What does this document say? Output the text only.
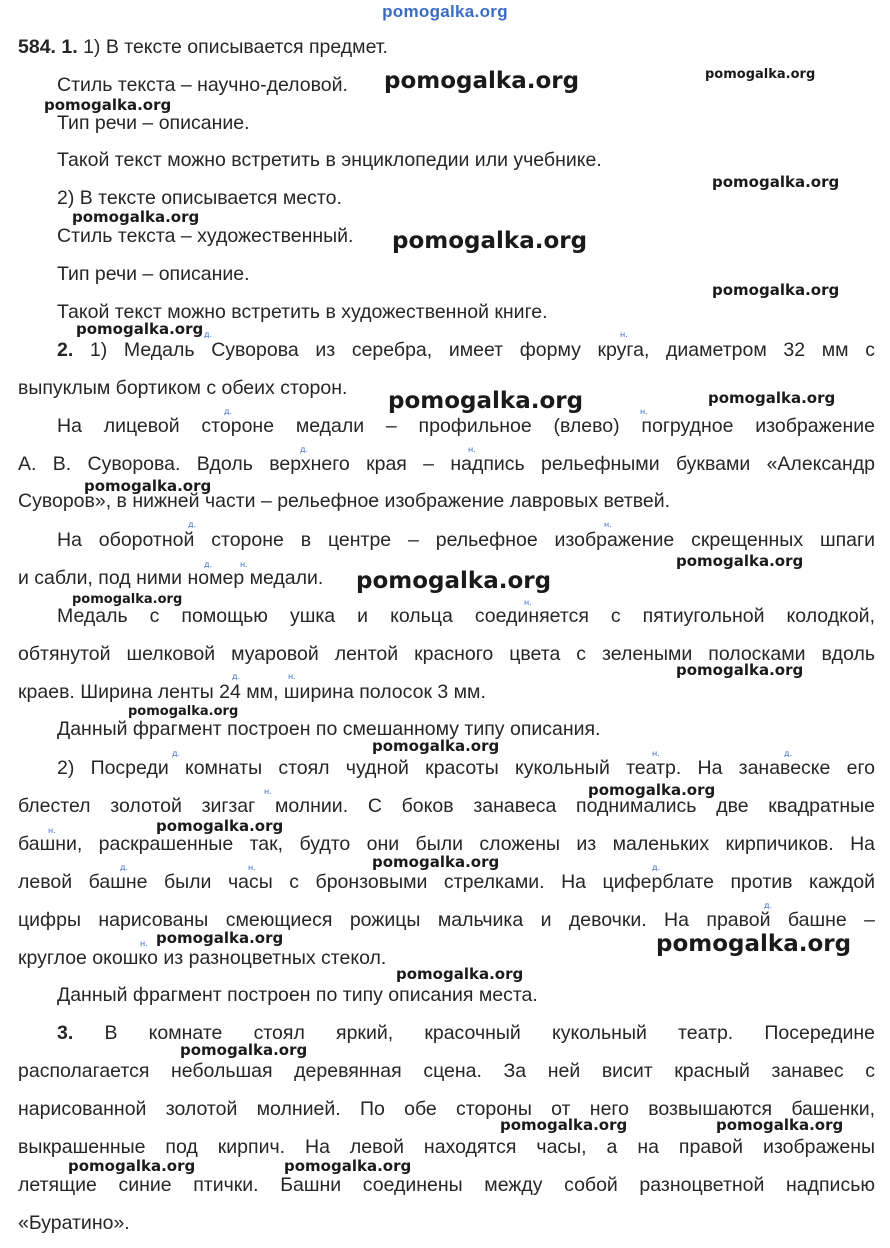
pomogalka.org
584. 1. 1) В тексте описывается предмет.
Стиль текста – научно-деловой.
Тип речи – описание.
Такой текст можно встретить в энциклопедии или учебнике.
2) В тексте описывается место.
Стиль текста – художественный.
Тип речи – описание.
Такой текст можно встретить в художественной книге.
2. 1) Медаль Суворова из серебра, имеет форму круга, диаметром 32 мм с
выпуклым бортиком с обеих сторон.
На лицевой стороне медали – профильное (влево) погрудное изображение
А. В. Суворова. Вдоль верхнего края – надпись рельефными буквами «Александр
Суворов», в нижней части – рельефное изображение лавровых ветвей.
На оборотной стороне в центре – рельефное изображение скрещенных шпаги
и сабли, под ними номер медали.
Медаль с помощью ушка и кольца соединяется с пятиугольной колодкой,
обтянутой шелковой муаровой лентой красного цвета с зелеными полосками вдоль
краев. Ширина ленты 24 мм, ширина полосок 3 мм.
Данный фрагмент построен по смешанному типу описания.
2) Посреди комнаты стоял чудной красоты кукольный театр. На занавеске его
блестел золотой зигзаг молнии. С боков занавеса поднимались две квадратные
башни, раскрашенные так, будто они были сложены из маленьких кирпичиков. На
левой башне были часы с бронзовыми стрелками. На циферблате против каждой
цифры нарисованы смеющиеся рожицы мальчика и девочки. На правой башне –
круглое окошко из разноцветных стекол.
Данный фрагмент построен по типу описания места.
3. В комнате стоял яркий, красочный кукольный театр. Посередине
располагается небольшая деревянная сцена. За ней висит красный занавес с
нарисованной золотой молнией. По обе стороны от него возвышаются башенки,
выкрашенные под кирпич. На левой находятся часы, а на правой изображены
летящие синие птички. Башни соединены между собой разноцветной надписью
«Буратино».
pomogalka.org	pomogalka.org
pomogalka.org
pomogalka.org
pomogalka.org
pomogalka.org
pomogalka.org
pomogalka.org
pomogalka.org	pomogalka.org
pomogalka.org
pomogalka.org
pomogalka.org
pomogalka.org
pomogalka.org
pomogalka.org
pomogalka.org
pomogalka.org
pomogalka.org
pomogalka.org
pomogalka.org	pomogalka.org
pomogalka.org
pomogalka.org
pomogalka.org	pomogalka.org
pomogalka.org	pomogalka.org
д.	н.
д.	н.
д.	н.
д.	н.
д.	н.
н.
д.	н.
д.	н.	д.
н.
н.
д.	н.	д.
д.
н.
